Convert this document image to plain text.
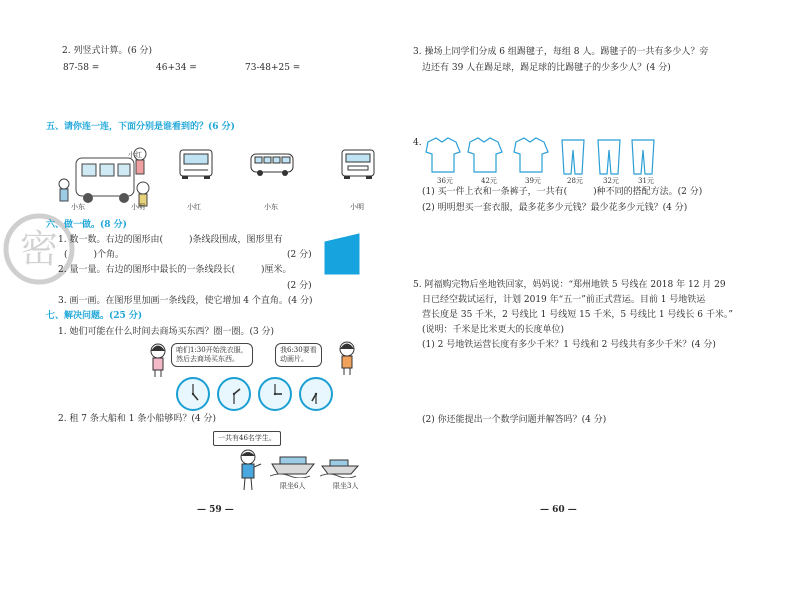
2. 列竖式计算。(6 分)
87-58 =	46+34 =	73-48+25 =
五、请你连一连，下面分别是谁看到的？(6 分)
小红
小东	小明	小红	小东	小明
密
六、做一做。(8 分)
1. 数一数。右边的图形由(	)条线段围成，图形里有
(	)个角。	(2 分)
2. 量一量。右边的图形中最长的一条线段长(	)厘米。
(2 分)
3. 画一画。在图形里加画一条线段，使它增加 4 个直角。(4 分)
七、解决问题。(25 分)
1. 她们可能在什么时间去商场买东西？圈一圈。(3 分)
咱们1:30开始洗衣服，
然后去商场买东西。
我6:30要看
动画片。
2. 租 7 条大船和 1 条小船够吗？(4 分)
一共有46名学生。
限坐6人	限坐3人
— 59 —
3. 操场上同学们分成 6 组踢毽子，每组 8 人。踢毽子的一共有多少人？旁
边还有 39 人在踢足球，踢足球的比踢毽子的少多少人？(4 分)
4.
36元	42元	39元	28元	32元	31元
(1) 买一件上衣和一条裤子，一共有(	)种不同的搭配方法。(2 分)
(2) 明明想买一套衣服，最多花多少元钱？最少花多少元钱？(4 分)
5. 阿福购完物后坐地铁回家，妈妈说：“郑州地铁 5 号线在 2018 年 12 月 29
日已经空载试运行，计划 2019 年“五一”前正式营运。目前 1 号地铁运
营长度是 35 千米，2 号线比 1 号线短 15 千米，5 号线比 1 号线长 6 千米。”
(说明：千米是比米更大的长度单位)
(1) 2 号地铁运营长度有多少千米？1 号线和 2 号线共有多少千米？(4 分)
(2) 你还能提出一个数学问题并解答吗？(4 分)
— 60 —
